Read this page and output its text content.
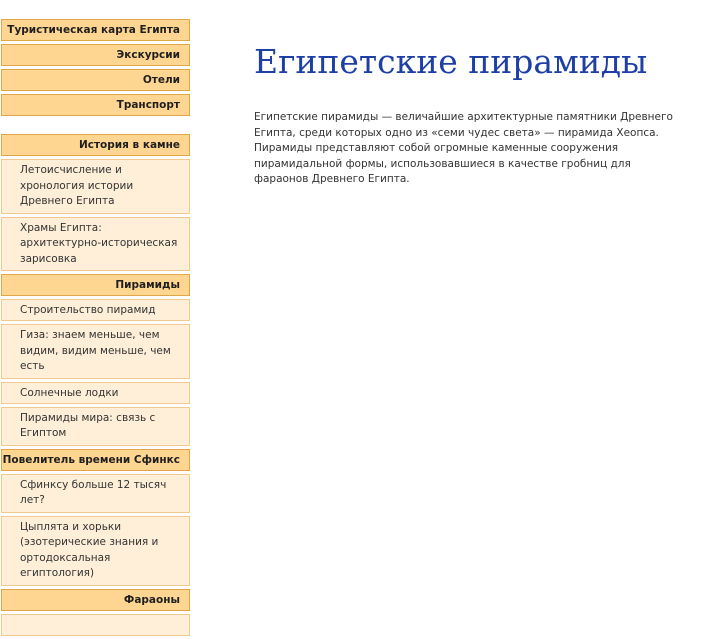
Туристическая карта Египта
Экскурсии
Отели
Транспорт
История в камне
Летоисчисление и хронология истории Древнего Египта
Храмы Египта: архитектурно-историческая зарисовка
Пирамиды
Строительство пирамид
Гиза: знаем меньше, чем видим, видим меньше, чем есть
Солнечные лодки
Пирамиды мира: связь с Египтом
Повелитель времени Сфинкс
Сфинксу больше 12 тысяч лет?
Цыплята и хорьки (эзотерические знания и ортодоксальная египтология)
Фараоны
Египетские пирамиды

Египетские пирамиды — величайшие архитектурные памятники Древнего Египта, среди которых одно из «семи чудес света» — пирамида Хеопса. Пирамиды представляют собой огромные каменные сооружения пирамидальной формы, использовавшиеся в качестве гробниц для фараонов Древнего Египта.
